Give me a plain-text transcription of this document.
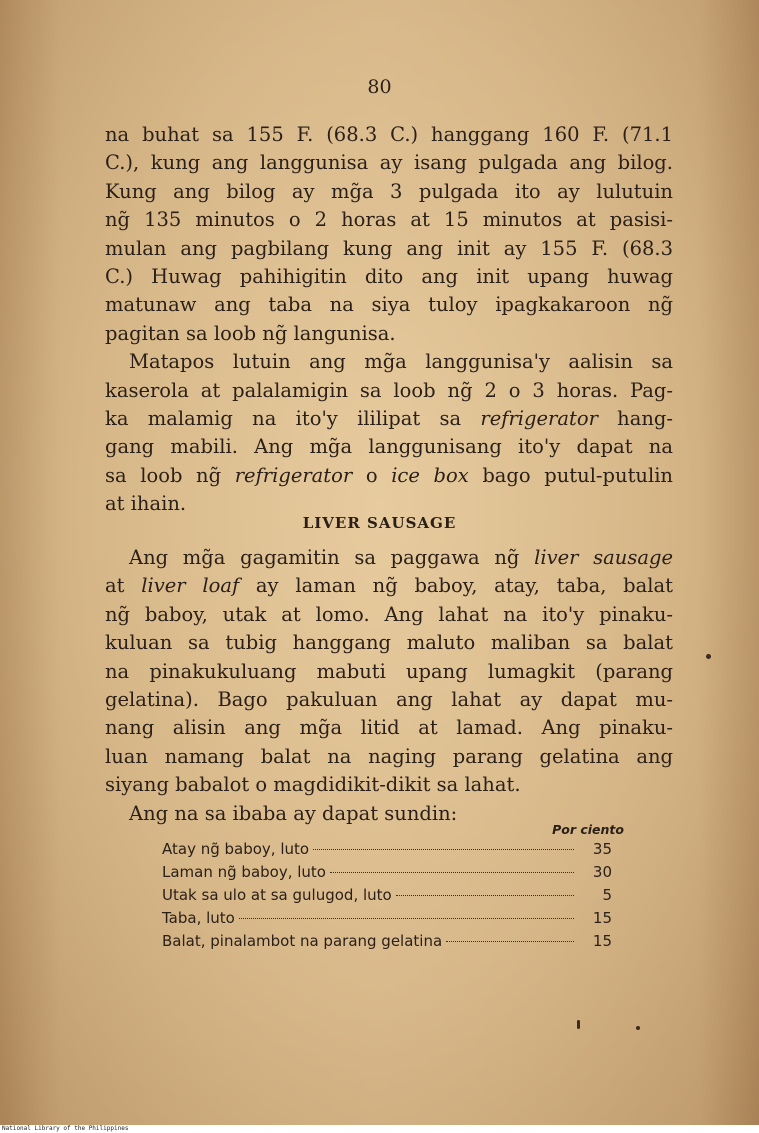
80
na buhat sa 155 F. (68.3 C.) hanggang 160 F. (71.1
C.), kung ang langgunisa ay isang pulgada ang bilog.
Kung ang bilog ay mg̃a 3 pulgada ito ay lulutuin
ng̃ 135 minutos o 2 horas at 15 minutos at pasisi-
mulan ang pagbilang kung ang init ay 155 F. (68.3
C.) Huwag pahihigitin dito ang init upang huwag
matunaw ang taba na siya tuloy ipagkakaroon ng̃
pagitan sa loob ng̃ langunisa.
Matapos lutuin ang mg̃a langgunisa'y aalisin sa
kaserola at palalamigin sa loob ng̃ 2 o 3 horas. Pag-
ka malamig na ito'y ililipat sa refrigerator hang-
gang mabili. Ang mg̃a langgunisang ito'y dapat na
sa loob ng̃ refrigerator o ice box bago putul-putulin
at ihain.
LIVER SAUSAGE
Ang mg̃a gagamitin sa paggawa ng̃ liver sausage
at liver loaf ay laman ng̃ baboy, atay, taba, balat
ng̃ baboy, utak at lomo. Ang lahat na ito'y pinaku-
kuluan sa tubig hanggang maluto maliban sa balat
na pinakukuluang mabuti upang lumagkit (parang
gelatina). Bago pakuluan ang lahat ay dapat mu-
nang alisin ang mg̃a litid at lamad. Ang pinaku-
luan namang balat na naging parang gelatina ang
siyang babalot o magdidikit-dikit sa lahat.
Ang na sa ibaba ay dapat sundin:
Por ciento
Atay ng̃ baboy, luto	35
Laman ng̃ baboy, luto	30
Utak sa ulo at sa gulugod, luto	5
Taba, luto	15
Balat, pinalambot na parang gelatina	15
National Library of the Philippines
